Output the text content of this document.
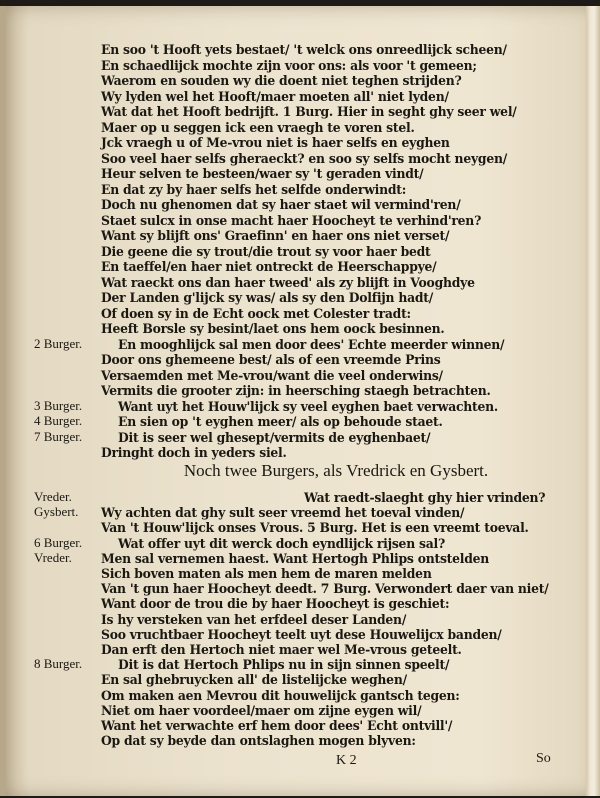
Noch twee Burgers, als Vredrick en Gysbert.
K 2	So
En soo 't Hooft yets bestaet/ 't welck ons onreedlijck scheen/
En schaedlijck mochte zijn voor ons: als voor 't gemeen;
Waerom en souden wy die doent niet teghen strijden?
Wy lyden wel het Hooft/maer moeten all' niet lyden/
Wat dat het Hooft bedrijft. 1 Burg. Hier in seght ghy seer wel/
Maer op u seggen ick een vraegh te voren stel.
Jck vraegh u of Me-vrou niet is haer selfs en eyghen
Soo veel haer selfs gheraeckt? en soo sy selfs mocht neygen/
Heur selven te besteen/waer sy 't geraden vindt/
En dat zy by haer selfs het selfde onderwindt:
Doch nu ghenomen dat sy haer staet wil vermind'ren/
Staet sulcx in onse macht haer Hoocheyt te verhind'ren?
Want sy blijft ons' Graefinn' en haer ons niet verset/
Die geene die sy trout/die trout sy voor haer bedt
En taeffel/en haer niet ontreckt de Heerschappye/
Wat raeckt ons dan haer tweed' als zy blijft in Vooghdye
Der Landen g'lijck sy was/ als sy den Dolfijn hadt/
Of doen sy in de Echt oock met Colester tradt:
Heeft Borsle sy besint/laet ons hem oock besinnen.
En mooghlijck sal men door dees' Echte meerder winnen/
2 Burger.
Door ons ghemeene best/ als of een vreemde Prins
Versaemden met Me-vrou/want die veel onderwins/
Vermits die grooter zijn: in heersching staegh betrachten.
Want uyt het Houw'lijck sy veel eyghen baet verwachten.
3 Burger.
En sien op 't eyghen meer/ als op behoude staet.
4 Burger.
Dit is seer wel ghesept/vermits de eyghenbaet/
7 Burger.
Dringht doch in yeders siel.
Wat raedt-slaeght ghy hier vrinden?
Vreder.
Wy achten dat ghy sult seer vreemd het toeval vinden/
Gysbert.
Van 't Houw'lijck onses Vrous. 5 Burg. Het is een vreemt toeval.
Wat offer uyt dit werck doch eyndlijck rijsen sal?
6 Burger.
Men sal vernemen haest. Want Hertogh Phlips ontstelden
Vreder.
Sich boven maten als men hem de maren melden
Van 't gun haer Hoocheyt deedt. 7 Burg. Verwondert daer van niet/
Want door de trou die by haer Hoocheyt is geschiet:
Is hy versteken van het erfdeel deser Landen/
Soo vruchtbaer Hoocheyt teelt uyt dese Houwelijcx banden/
Dan erft den Hertoch niet maer wel Me-vrous geteelt.
Dit is dat Hertoch Phlips nu in sijn sinnen speelt/
8 Burger.
En sal ghebruycken all' de listelijcke weghen/
Om maken aen Mevrou dit houwelijck gantsch tegen:
Niet om haer voordeel/maer om zijne eygen wil/
Want het verwachte erf hem door dees' Echt ontvill'/
Op dat sy beyde dan ontslaghen mogen blyven:
